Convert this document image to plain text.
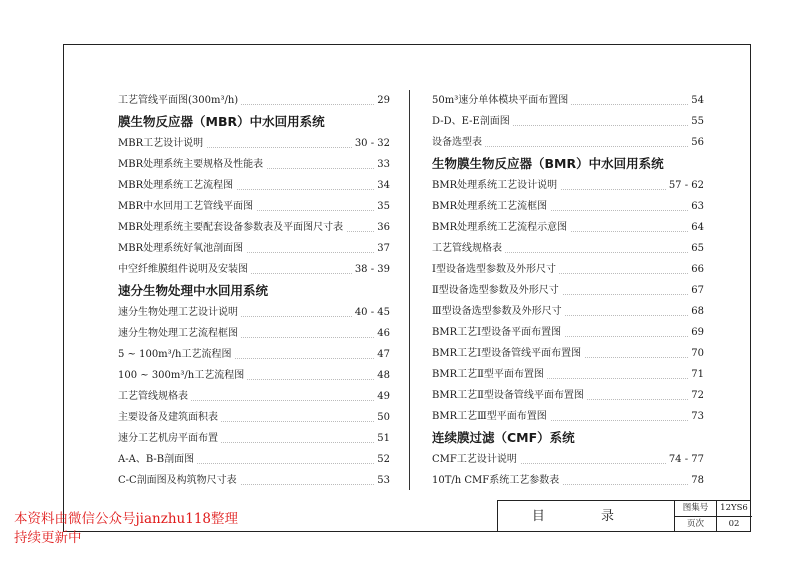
工艺管线平面图(300m³/h)	29
膜生物反应器（MBR）中水回用系统
MBR工艺设计说明	30 - 32
MBR处理系统主要规格及性能表	33
MBR处理系统工艺流程图	34
MBR中水回用工艺管线平面图	35
MBR处理系统主要配套设备参数表及平面图尺寸表	36
MBR处理系统好氧池剖面图	37
中空纤维膜组件说明及安装图	38 - 39
速分生物处理中水回用系统
速分生物处理工艺设计说明	40 - 45
速分生物处理工艺流程框图	46
5 ~ 100m³/h工艺流程图	47
100 ~ 300m³/h工艺流程图	48
工艺管线规格表	49
主要设备及建筑面积表	50
速分工艺机房平面布置	51
A-A、B-B剖面图	52
C-C剖面图及构筑物尺寸表	53
50m³速分单体模块平面布置图	54
D-D、E-E剖面图	55
设备选型表	56
生物膜生物反应器（BMR）中水回用系统
BMR处理系统工艺设计说明	57 - 62
BMR处理系统工艺流框图	63
BMR处理系统工艺流程示意图	64
工艺管线规格表	65
Ⅰ型设备选型参数及外形尺寸	66
Ⅱ型设备选型参数及外形尺寸	67
Ⅲ型设备选型参数及外形尺寸	68
BMR工艺Ⅰ型设备平面布置图	69
BMR工艺Ⅰ型设备管线平面布置图	70
BMR工艺Ⅱ型平面布置图	71
BMR工艺Ⅱ型设备管线平面布置图	72
BMR工艺Ⅲ型平面布置图	73
连续膜过滤（CMF）系统
CMF工艺设计说明	74 - 77
10T/h CMF系统工艺参数表	78
目 录
图集号	12YS6
页次	02
本资料由微信公众号jianzhu118整理
持续更新中
